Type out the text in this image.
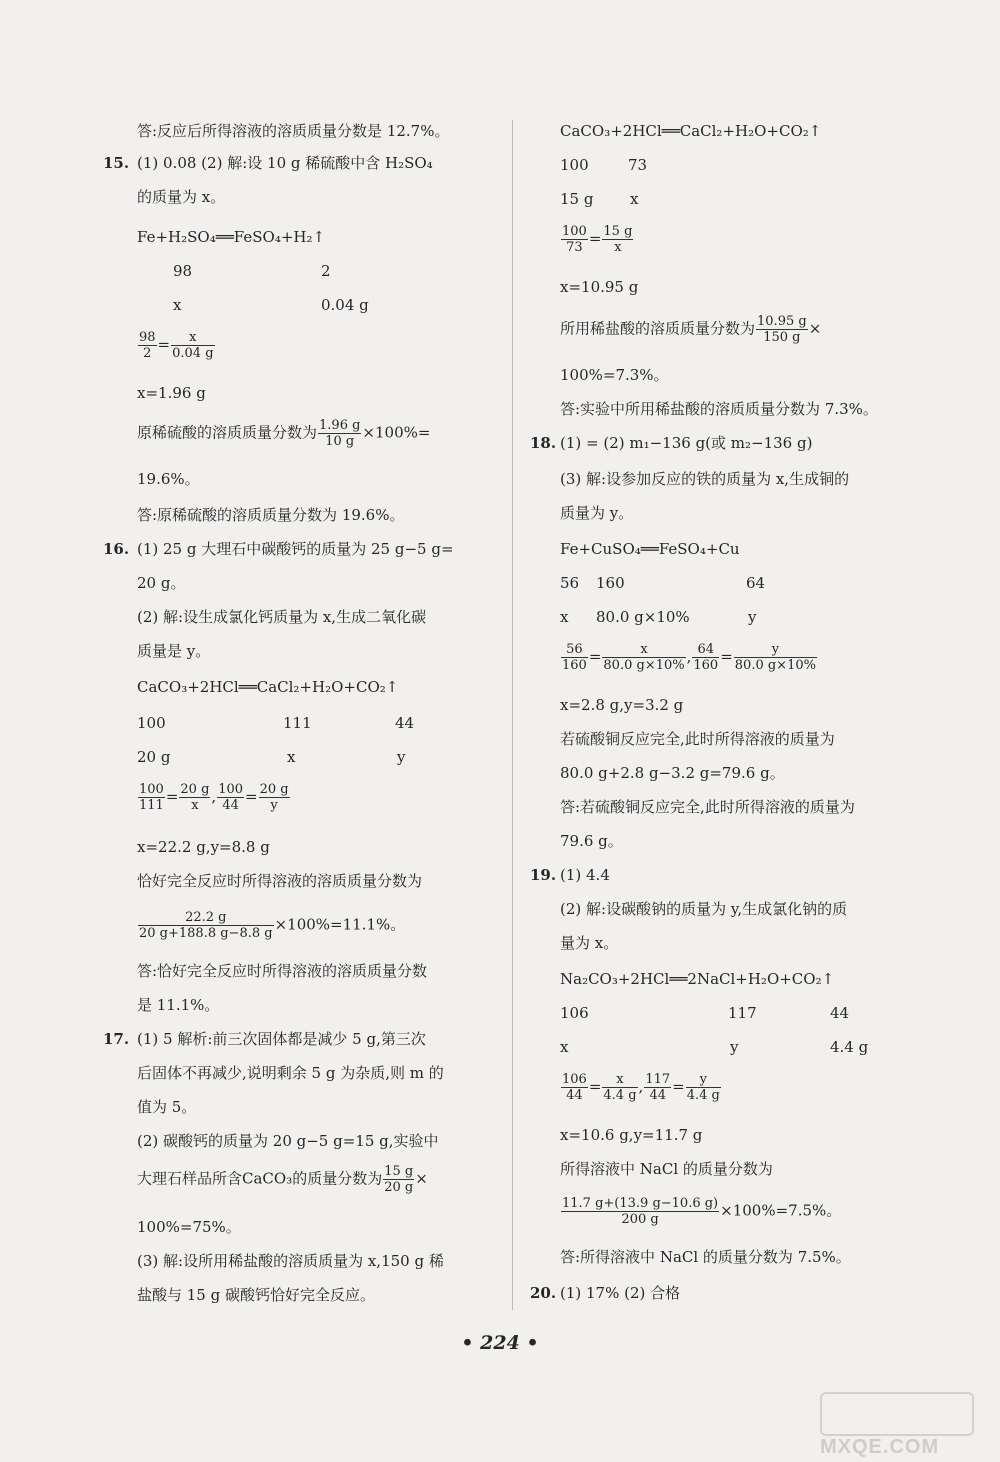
答:反应后所得溶液的溶质质量分数是 12.7%。
15. (1) 0.08 (2) 解:设 10 g 稀硫酸中含 H₂SO₄
的质量为 x。
Fe+H₂SO₄══FeSO₄+H₂↑
98	2
x	0.04 g
$\frac{98}{2} = \frac{x}{0.04 g}$
x=1.96 g
原稀硫酸的溶质质量分数为 $\frac{1.96 g}{10 g} \times 100\%=$
19.6%。
答:原稀硫酸的溶质质量分数为 19.6%。
16. (1) 25 g 大理石中碳酸钙的质量为 25 g−5 g=
20 g。
(2) 解:设生成氯化钙质量为 x,生成二氧化碳
质量是 y。
CaCO₃+2HCl══CaCl₂+H₂O+CO₂↑
100	111	44
20 g	x	y
$\frac{100}{111} = \frac{20 g}{x}$ , $\frac{100}{44} = \frac{20 g}{y}$
x=22.2 g,y=8.8 g
恰好完全反应时所得溶液的溶质质量分数为
$\frac{22.2 g}{20 g+188.8 g-8.8 g} \times 100\%=11.1\%$。
答:恰好完全反应时所得溶液的溶质质量分数
是 11.1%。
17. (1) 5 解析:前三次固体都是减少 5 g,第三次
后固体不再减少,说明剩余 5 g 为杂质,则 m 的
值为 5。
(2) 碳酸钙的质量为 20 g−5 g=15 g,实验中
大理石样品所含CaCO₃的质量分数为 $\frac{15 g}{20 g}$ ×
100%=75%。
(3) 解:设所用稀盐酸的溶质质量为 x,150 g 稀
盐酸与 15 g 碳酸钙恰好完全反应。
CaCO₃+2HCl══CaCl₂+H₂O+CO₂↑
100	73
15 g x
$\frac{100}{73} = \frac{15 g}{x}$
x=10.95 g
所用稀盐酸的溶质质量分数为 $\frac{10.95 g}{150 g}$ ×
100%=7.3%。
答:实验中所用稀盐酸的溶质质量分数为 7.3%。
18. (1) = (2) m₁−136 g(或 m₂−136 g)
(3) 解:设参加反应的铁的质量为 x,生成铜的
质量为 y。
Fe+CuSO₄══FeSO₄+Cu
56 160	64
x 80.0 g×10%	y
$\frac{56}{160} = \frac{x}{80.0 g\times 10\%}$ , $\frac{64}{160} = \frac{y}{80.0 g\times 10\%}$
x=2.8 g,y=3.2 g
若硫酸铜反应完全,此时所得溶液的质量为
80.0 g+2.8 g−3.2 g=79.6 g。
答:若硫酸铜反应完全,此时所得溶液的质量为
79.6 g。
19. (1) 4.4
(2) 解:设碳酸钠的质量为 y,生成氯化钠的质
量为 x。
Na₂CO₃+2HCl══2NaCl+H₂O+CO₂↑
106	117	44
x	y	4.4 g
$\frac{106}{44} = \frac{x}{4.4 g}$ , $\frac{117}{44} = \frac{y}{4.4 g}$
x=10.6 g,y=11.7 g
所得溶液中 NaCl 的质量分数为
$\frac{11.7 g+(13.9 g-10.6 g)}{200 g} \times 100\%=7.5\%$。
答:所得溶液中 NaCl 的质量分数为 7.5%。
20. (1) 17% (2) 合格
• 224 •
MXQE.COM
